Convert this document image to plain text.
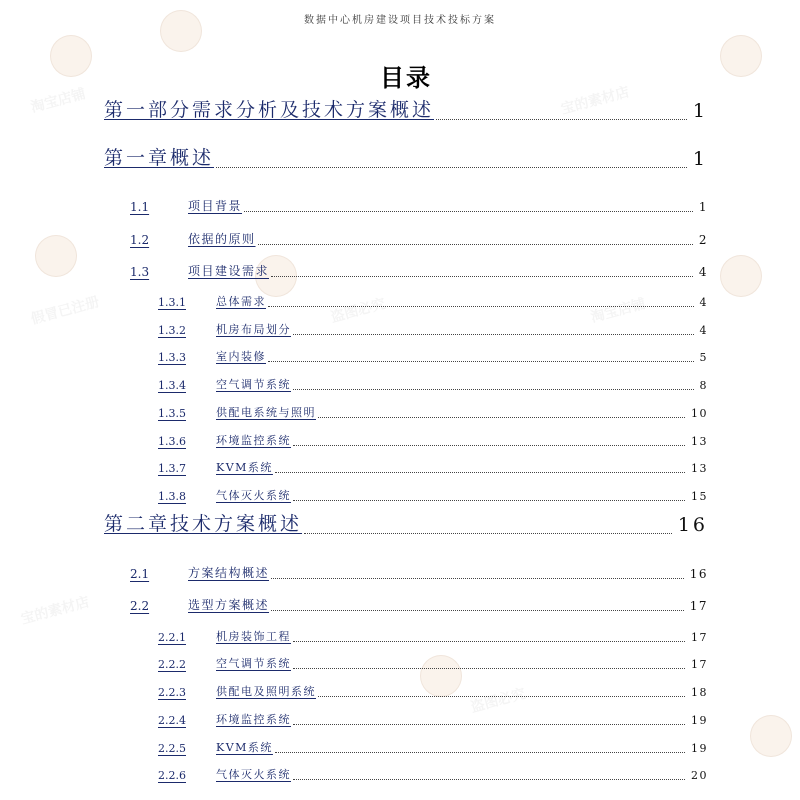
数据中心机房建设项目技术投标方案
目录
淘宝店铺	宝的素材店
假冒已注册	盗图必究	淘宝店铺
宝的素材店
盗图必究
第一部分需求分析及技术方案概述	1
第一章概述	1
1.1	项目背景	1
1.2	依据的原则	2
1.3	项目建设需求	4
1.3.1	总体需求	4
1.3.2	机房布局划分	4
1.3.3	室内装修	5
1.3.4	空气调节系统	8
1.3.5	供配电系统与照明	10
1.3.6	环境监控系统	13
1.3.7	KVM系统	13
1.3.8	气体灭火系统	15
第二章技术方案概述	16
2.1	方案结构概述	16
2.2	选型方案概述	17
2.2.1	机房装饰工程	17
2.2.2	空气调节系统	17
2.2.3	供配电及照明系统	18
2.2.4	环境监控系统	19
2.2.5	KVM系统	19
2.2.6	气体灭火系统	20
